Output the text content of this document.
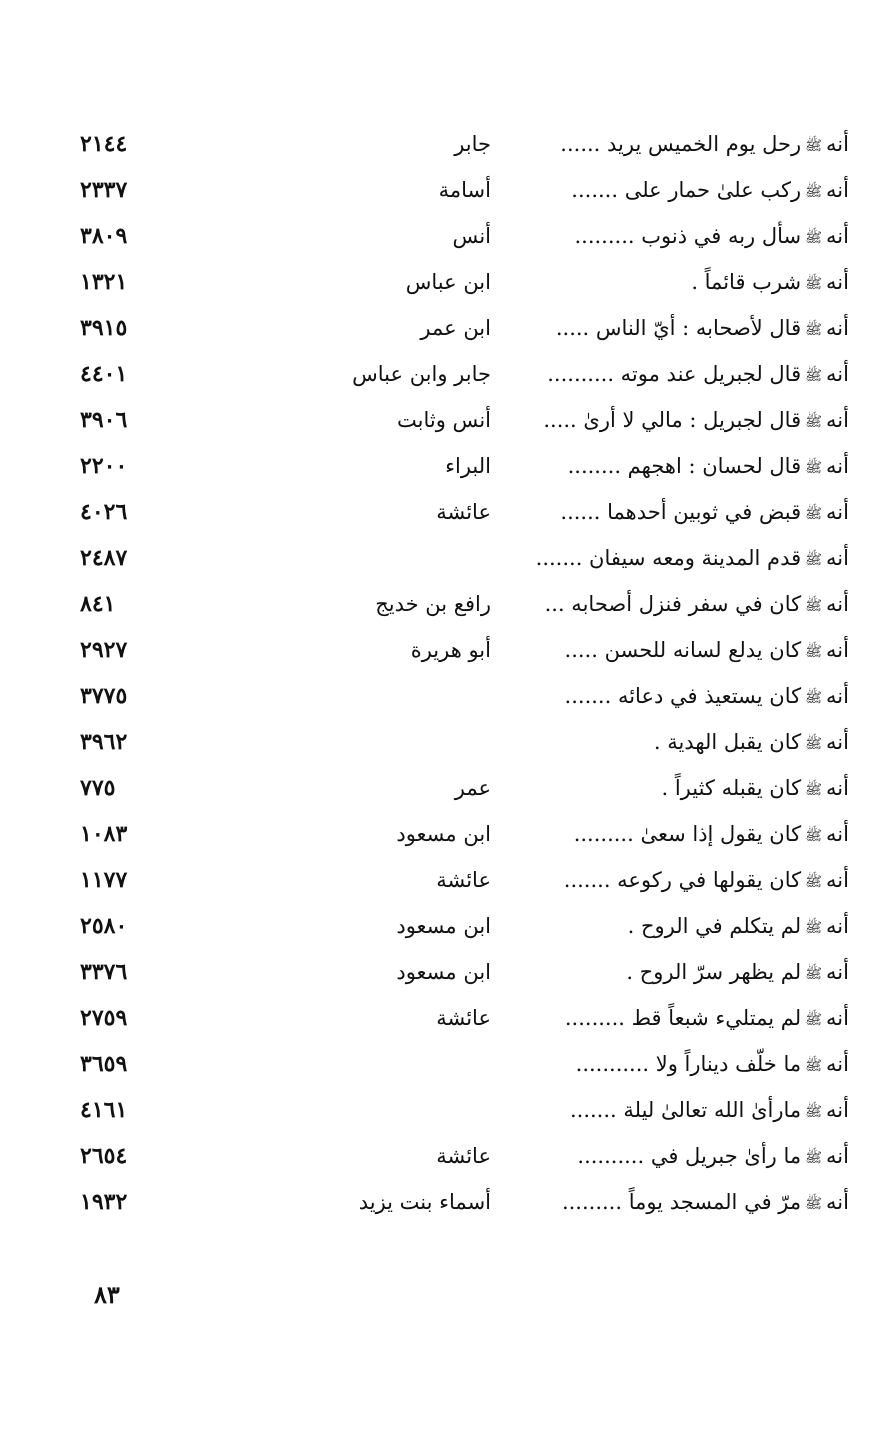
أنهﷺرحل يوم الخميس يريد ......
جابر
٢١٤٤
أنهﷺركب علىٰ حمار على .......
أسامة
٢٣٣٧
أنهﷺسأل ربه في ذنوب .........
أنس
٣٨٠٩
أنهﷺشرب قائماً .
ابن عباس
١٣٢١
أنهﷺقال لأصحابه : أيّ الناس .....
ابن عمر
٣٩١٥
أنهﷺقال لجبريل عند موته ..........
جابر وابن عباس
٤٤٠١
أنهﷺقال لجبريل : مالي لا أرىٰ .....
أنس وثابت
٣٩٠٦
أنهﷺقال لحسان : اهجهم ........
البراء
٢٢٠٠
أنهﷺقبض في ثوبين أحدهما ......
عائشة
٤٠٢٦
أنهﷺقدم المدينة ومعه سيفان .......
٢٤٨٧
أنهﷺكان في سفر فنزل أصحابه ...
رافع بن خديج
٨٤١
أنهﷺكان يدلع لسانه للحسن .....
أبو هريرة
٢٩٢٧
أنهﷺكان يستعيذ في دعائه .......
٣٧٧٥
أنهﷺكان يقبل الهدية .
٣٩٦٢
أنهﷺكان يقبله كثيراً .
عمر
٧٧٥
أنهﷺكان يقول إذا سعىٰ .........
ابن مسعود
١٠٨٣
أنهﷺكان يقولها في ركوعه .......
عائشة
١١٧٧
أنهﷺلم يتكلم في الروح .
ابن مسعود
٢٥٨٠
أنهﷺلم يظهر سرّ الروح .
ابن مسعود
٣٣٧٦
أنهﷺلم يمتليء شبعاً قط .........
عائشة
٢٧٥٩
أنهﷺما خلّف ديناراً ولا ...........
٣٦٥٩
أنهﷺمارأىٰ الله تعالىٰ ليلة .......
٤١٦١
أنهﷺما رأىٰ جبريل في ..........
عائشة
٢٦٥٤
أنهﷺمرّ في المسجد يوماً .........
أسماء بنت يزيد
١٩٣٢
٨٣
